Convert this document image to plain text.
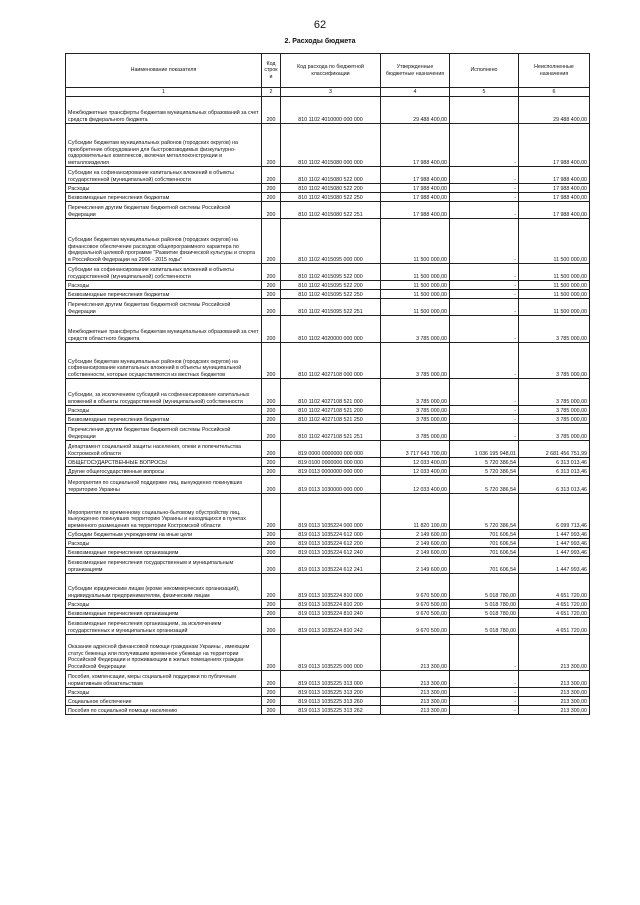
62
2. Расходы бюджета
Наименование показателя	Код строк и	Код расхода по бюджетной классификации	Утвержденные бюджетные назначения	Исполнено	Неисполненные назначения
1	2	3	4	5	6
Межбюджетные трансферты бюджетам муниципальных образований за счет средств федерального бюджета	200	810 1102 4010000 000 000	29 488 400,00		29 488 400,00
Субсидии бюджетам муниципальных районов (городских округов) на приобретение оборудования для быстровозводимых физкультурно-оздоровительных комплексов, включая металлоконструкции и металлоизделия	200	810 1102 4015080 000 000	17 988 400,00	-	17 988 400,00
Субсидии на софинансирование капитальных вложений в объекты государственной (муниципальной) собственности	200	810 1102 4015080 522 000	17 988 400,00	-	17 988 400,00
Расходы	200	810 1102 4015080 522 200	17 988 400,00	-	17 988 400,00
Безвозмездные перечисления бюджетам	200	810 1102 4015080 522 250	17 988 400,00	-	17 988 400,00
Перечисления другим бюджетам бюджетной системы Российской Федерации	200	810 1102 4015080 522 251	17 988 400,00	-	17 988 400,00
Субсидии бюджетам муниципальных районов (городских округов) на финансовое обеспечение расходов общепрограммного характера по федеральной целевой программе "Развитие физической культуры и спорта в Российской Федерации на 2006 - 2015 годы"	200	810 1102 4015095 000 000	11 500 000,00	-	11 500 000,00
Субсидии на софинансирование капитальных вложений в объекты государственной (муниципальной) собственности	200	810 1102 4015095 522 000	11 500 000,00	-	11 500 000,00
Расходы	200	810 1102 4015095 522 200	11 500 000,00	-	11 500 000,00
Безвозмездные перечисления бюджетам	200	810 1102 4015095 522 250	11 500 000,00	-	11 500 000,00
Перечисления другим бюджетам бюджетной системы Российской Федерации	200	810 1102 4015095 522 251	11 500 000,00	-	11 500 000,00
Межбюджетные трансферты бюджетам муниципальных образований за счет средств областного бюджета	200	810 1102 4020000 000 000	3 785 000,00	-	3 785 000,00
Субсидии бюджетам муниципальных районов (городских округов) на софинансирование капитальных вложений в объекты муниципальной собственности, которые осуществляются из местных бюджетов	200	810 1102 4027108 000 000	3 785 000,00	-	3 785 000,00
Субсидии, за исключением субсидий на софинансирование капитальных вложений в объекты государственной (муниципальной) собственности	200	810 1102 4027108 521 000	3 785 000,00	-	3 785 000,00
Расходы	200	810 1102 4027108 521 200	3 785 000,00	-	3 785 000,00
Безвозмездные перечисления бюджетам	200	810 1102 4027108 521 250	3 785 000,00	-	3 785 000,00
Перечисления другим бюджетам бюджетной системы Российской Федерации	200	810 1102 4027108 521 251	3 785 000,00	-	3 785 000,00
Департамент социальной защиты населения, опеки и попечительства Костромской области	200	819 0000 0000000 000 000	3 717 643 700,00	1 036 195 948,01	2 681 456 751,99
ОБЩЕГОСУДАРСТВЕННЫЕ ВОПРОСЫ	200	819 0100 0000000 000 000	12 033 400,00	5 720 386,54	6 313 013,46
Другие общегосударственные вопросы	200	819 0113 0000000 000 000	12 033 400,00	5 720 386,54	6 313 013,46
Мероприятия по социальной поддержке лиц, вынужденно покинувших территорию Украины	200	819 0113 1030000 000 000	12 033 400,00	5 720 386,54	6 313 013,46
Мероприятия по временному социально-бытовому обустройству лиц, вынужденно покинувших территорию Украины и находящихся в пунктах временного размещения на территории Костромской области	200	819 0113 1035224 000 000	11 820 100,00	5 720 386,54	6 099 713,46
Субсидии бюджетным учреждениям на иные цели	200	819 0113 1035224 612 000	2 149 600,00	701 606,54	1 447 993,46
Расходы	200	819 0113 1035224 612 200	2 149 600,00	701 606,54	1 447 993,46
Безвозмездные перечисления организациям	200	819 0113 1035224 612 240	2 149 600,00	701 606,54	1 447 993,46
Безвозмездные перечисления государственным и муниципальным организациям	200	819 0113 1035224 612 241	2 149 600,00	701 606,54	1 447 993,46
Субсидии юридическим лицам (кроме некоммерческих организаций), индивидуальным предпринимателям, физическим лицам	200	819 0113 1035224 810 000	9 670 500,00	5 018 780,00	4 651 720,00
Расходы	200	819 0113 1035224 810 200	9 670 500,00	5 018 780,00	4 651 720,00
Безвозмездные перечисления организациям	200	819 0113 1035224 810 240	9 670 500,00	5 018 780,00	4 651 720,00
Безвозмездные перечисления организациям, за исключением государственных и муниципальных организаций	200	819 0113 1035224 810 242	9 670 500,00	5 018 780,00	4 651 720,00
Оказание адресной финансовой помощи гражданам Украины , имеющим статус беженца или получившим временное убежище на территории Российской Федерации и проживающим в жилых помещениях граждан Российской Федерации	200	819 0113 1035225 000 000	213 300,00	-	213 300,00
Пособия, компенсации, меры социальной поддержки по публичным нормативным обязательствам	200	819 0113 1035225 313 000	213 300,00	-	213 300,00
Расходы	200	819 0113 1035225 313 200	213 300,00	-	213 300,00
Социальное обеспечение	200	819 0113 1035225 313 260	213 300,00	-	213 300,00
Пособия по социальной помощи населению	200	819 0113 1035225 313 262	213 300,00	-	213 300,00
